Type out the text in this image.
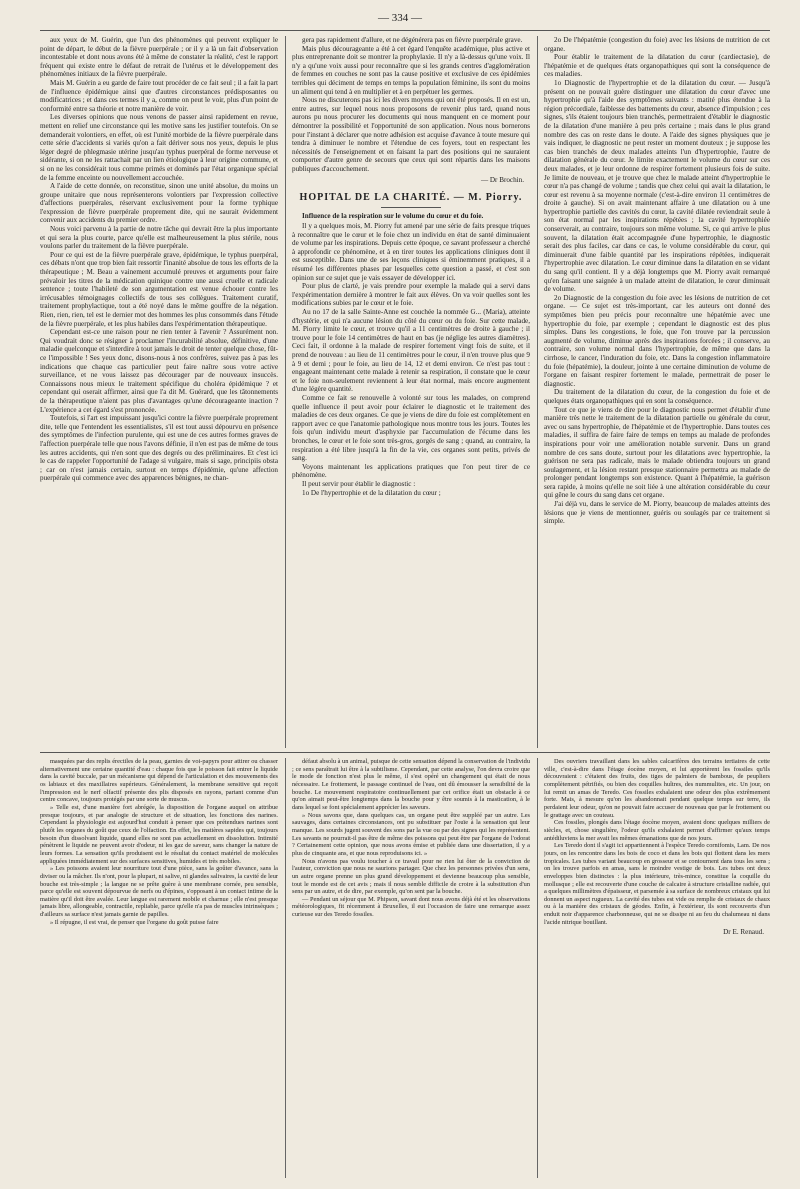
— 334 —

aux yeux de M. Guérin, que l'un des phénomènes qui peuvent expliquer le point de départ, le début de la fièvre puerpérale ; or il y a là un fait d'observation incontestable et dont nous avons été à même de constater la réalité, c'est le rapport fréquent qui existe entre le défaut de retrait de l'utérus et le développement des phénomènes initiaux de la fièvre puerpérale.

Mais M. Guérin a eu garde de faire tout procéder de ce fait seul ; il a fait la part de l'influence épidémique ainsi que d'autres circonstances prédisposantes ou modificatrices ; et dans ces termes il y a, comme on peut le voir, plus d'un point de conformité entre sa théorie et notre manière de voir.

Les diverses opinions que nous venons de passer ainsi rapidement en revue, mettent en relief une circonstance qui les motive sans les justifier toutefois. On se demanderait volontiers, en effet, où est l'unité morbide de la fièvre puerpérale dans cette série d'accidents si variés qu'on a fait dériver sous nos yeux, depuis le plus léger degré de phlegmasie utérine jusqu'au typhus puerpéral de forme nerveuse et sidérante, si on ne les rattachait par un lien étiologique à leur origine commune, et si on ne les considérait tous comme primés et dominés par l'état organique spécial de la femme enceinte ou nouvellement accouchée.

A l'aide de cette donnée, on reconstitue, sinon une unité absolue, du moins un groupe unitaire que nous représenterons volontiers par l'expression collective d'affections puerpérales, réservant exclusivement pour la forme typhique l'expression de fièvre puerpérale proprement dite, qui ne saurait évidemment convenir aux accidents du premier ordre.

Nous voici parvenu à la partie de notre tâche qui devrait être la plus importante et qui sera la plus courte, parce qu'elle est malheureusement la plus stérile, nous voulons parler du traitement de la fièvre puerpérale.

Pour ce qui est de la fièvre puerpérale grave, épidémique, le typhus puerpéral, ces débats n'ont que trop bien fait ressortir l'inanité absolue de tous les efforts de la thérapeutique ; M. Beau a vainement accumulé preuves et arguments pour faire prévaloir les titres de la médication quinique contre une aussi cruelle et radicale sentence ; toute l'habileté de son argumentation est venue échouer contre les irrécusables témoignages collectifs de tous ses collègues. Traitement curatif, traitement prophylactique, tout a été noyé dans le même gouffre de la négation. Rien, rien, rien, tel est le dernier mot des hommes les plus consommés dans l'étude de la fièvre puerpérale, et les plus habiles dans l'expérimentation thérapeutique.

Cependant est-ce une raison pour ne rien tenter à l'avenir ? Assurément non. Qui voudrait donc se résigner à proclamer l'incurabilité absolue, définitive, d'une maladie quelconque et s'interdire à tout jamais le droit de tenter quelque chose, fût-ce l'impossible ! Ses yeux donc, disons-nous à nos confrères, suivez pas à pas les indications que chaque cas particulier peut faire naître sous votre active surveillance, et ne vous laissez pas décourager par de nouveaux insuccès. Connaissons nous mieux le traitement spécifique du choléra épidémique ? et cependant qui oserait affirmer, ainsi que l'a dit M. Guérard, que les tâtonnements de la thérapeutique n'aient pas plus d'avantages qu'une décourageante inaction ? L'expérience a cet égard s'est prononcée.

Toutefois, si l'art est impuissant jusqu'ici contre la fièvre puerpérale proprement dite, telle que l'entendent les essentialistes, s'il est tout aussi dépourvu en présence des symptômes de l'infection purulente, qui est une de ces autres formes graves de l'affection puerpérale telle que nous l'avons définie, il n'en est pas de même de tous les autres accidents, qui n'en sont que des degrés ou des préliminaires. Et c'est ici le cas de rappeler l'opportunité de l'adage si vulgaire, mais si sage, principiis obsta ; car on n'est jamais certain, surtout en temps d'épidémie, qu'une affection puerpérale qui commence avec des apparences bénignes, ne chan-

gera pas rapidement d'allure, et ne dégénérera pas en fièvre puerpérale grave.

Mais plus décourageante a été à cet égard l'enquête académique, plus active et plus entreprenante doit se montrer la prophylaxie. Il n'y a là-dessus qu'une voix. Il n'y a qu'une voix aussi pour reconnaître que si les grands centres d'agglomération de femmes en couches ne sont pas la cause positive et exclusive de ces épidémies terribles qui déciment de temps en temps la population féminine, ils sont du moins un aliment qui tend à en multiplier et à en perpétuer les germes.

Nous ne discuterons pas ici les divers moyens qui ont été proposés. Il en est un, entre autres, sur lequel nous nous proposons de revenir plus tard, quand nous aurons pu nous procurer les documents qui nous manquent en ce moment pour démontrer la possibilité et l'opportunité de son application. Nous nous bornerons pour l'instant à déclarer que notre adhésion est acquise d'avance à toute mesure qui tendra à diminuer le nombre et l'étendue de ces foyers, tout en respectant les nécessités de l'enseignement et en faisant la part des positions qui ne sauraient comporter d'autre genre de secours que ceux qui sont répartis dans les maisons publiques d'accouchement.

— Dr Brochin.
HOPITAL DE LA CHARITÉ. — M. Piorry.
Influence de la respiration sur le volume du cœur et du foie.

Il y a quelques mois, M. Piorry fut amené par une série de faits presque triques à reconnaître que le cœur et le foie chez un individu en état de santé diminuaient de volume par les inspirations. Depuis cette époque, ce savant professeur a cherché à approfondir ce phénomène, et à en tirer toutes les applications cliniques dont il est susceptible. Dans une de ses leçons cliniques si éminemment pratiques, il a résumé les différentes phases par lesquelles cette question a passé, et c'est son opinion sur ce sujet que je vais essayer de développer ici.

Pour plus de clarté, je vais prendre pour exemple la malade qui a servi dans l'expérimentation dernière à montrer le fait aux élèves. On va voir quelles sont les modifications subies par le cœur et le foie.

Au no 17 de la salle Sainte-Anne est couchée la nommée G... (Maria), atteinte d'hystérie, et qui n'a aucune lésion du côté du cœur ou du foie. Sur cette malade, M. Piorry limite le cœur, et trouve qu'il a 11 centimètres de droite à gauche ; il trouve pour le foie 14 centimètres de haut en bas (je néglige les autres diamètres). Ceci fait, il ordonne à la malade de respirer fortement vingt fois de suite, et il prend de nouveau : au lieu de 11 centimètres pour le cœur, il n'en trouve plus que 9 à 9 et demi ; pour le foie, au lieu de 14, 12 et demi environ. Ce n'est pas tout : engageant maintenant cette malade à retenir sa respiration, il constate que le cœur et le foie non-seulement reviennent à leur état normal, mais encore augmentent d'une légère quantité.

Comme ce fait se renouvelle à volonté sur tous les malades, on comprend quelle influence il peut avoir pour éclairer le diagnostic et le traitement des maladies de ces deux organes. Ce que je viens de dire du foie est complètement en rapport avec ce que l'anatomie pathologique nous montre tous les jours. Toutes les fois qu'un individu meurt d'asphyxie par l'accumulation de l'écume dans les bronches, le cœur et le foie sont très-gros, gorgés de sang ; quand, au contraire, la respiration a été libre jusqu'à la fin de la vie, ces organes sont petits, privés de sang.

Voyons maintenant les applications pratiques que l'on peut tirer de ce phénomène.

Il peut servir pour établir le diagnostic :

1o De l'hypertrophie et de la dilatation du cœur ;

2o De l'hépatémie (congestion du foie) avec les lésions de nutrition de cet organe.

Pour établir le traitement de la dilatation du cœur (cardiectasie), de l'hépatémie et de quelques états organopathiques qui sont la conséquence de ces maladies.

1o Diagnostic de l'hypertrophie et de la dilatation du cœur. — Jusqu'à présent on ne pouvait guère distinguer une dilatation du cœur d'avec une hypertrophie qu'à l'aide des symptômes suivants : matité plus étendue à la région précordiale, faiblesse des battements du cœur, absence d'impulsion ; ces signes, s'ils étaient toujours bien tranchés, permettraient d'établir le diagnostic de la dilatation d'une manière à peu près certaine ; mais dans le plus grand nombre des cas on reste dans le doute. A l'aide des signes physiques que je vais indiquer, le diagnostic ne peut rester un moment douteux ; je suppose les cas bien tranchés de deux malades atteints l'un d'hypertrophie, l'autre de dilatation générale du cœur. Je limite exactement le volume du cœur sur ces deux malades, et je leur ordonne de respirer fortement plusieurs fois de suite. Je limite de nouveau, et je trouve que chez le malade atteint d'hypertrophie le cœur n'a pas changé de volume ; tandis que chez celui qui avait la dilatation, le cœur est revenu à sa moyenne normale (c'est-à-dire environ 11 centimètres de droite à gauche). Si on avait maintenant affaire à une dilatation ou à une hypertrophie partielle des cavités du cœur, la cavité dilatée reviendrait seule à son état normal par les inspirations répétées ; la cavité hypertrophiée conserverait, au contraire, toujours son même volume. Si, ce qui arrive le plus souvent, la dilatation était accompagnée d'une hypertrophie, le diagnostic serait des plus faciles, car dans ce cas, le volume considérable du cœur, qui diminuerait d'une faible quantité par les inspirations répétées, indiquerait l'hypertrophie avec dilatation. Le cœur diminue dans la dilatation en se vidant du sang qu'il contient. Il y a déjà longtemps que M. Piorry avait remarqué qu'en faisant une saignée à un malade atteint de dilatation, le cœur diminuait de volume.

2o Diagnostic de la congestion du foie avec les lésions de nutrition de cet organe. — Ce sujet est très-important, car les auteurs ont donné des symptômes bien peu précis pour reconnaître une hépatémie avec une hypertrophie du foie, par exemple ; cependant le diagnostic est des plus simples. Dans les congestions, le foie, que l'on trouve par la percussion augmenté de volume, diminue après des inspirations forcées ; il conserve, au contraire, son volume normal dans l'hypertrophie, de même que dans la cirrhose, le cancer, l'induration du foie, etc. Dans la congestion inflammatoire du foie (hépatémie), la douleur, jointe à une certaine diminution de volume de l'organe en faisant respirer fortement le malade, permettrait de poser le diagnostic.

Du traitement de la dilatation du cœur, de la congestion du foie et de quelques états organopathiques qui en sont la conséquence.

Tout ce que je viens de dire pour le diagnostic nous permet d'établir d'une manière très nette le traitement de la dilatation partielle ou générale du cœur, avec ou sans hypertrophie, de l'hépatémie et de l'hypertrophie. Dans toutes ces maladies, il suffira de faire faire de temps en temps au malade de profondes inspirations pour voir une amélioration notable survenir. Dans un grand nombre de ces sans doute, surtout pour les dilatations avec hypertrophie, la guérison ne sera pas radicale, mais le malade obtiendra toujours un grand soulagement, et la lésion restant presque stationnaire permettra au malade de prolonger pendant longtemps son existence. Quant à l'hépatémie, la guérison sera rapide, à moins qu'elle ne soit liée à une altération considérable du cœur qui gêne le cours du sang dans cet organe.

J'ai déjà vu, dans le service de M. Piorry, beaucoup de malades atteints des lésions que je viens de mentionner, guéris ou soulagés par ce traitement si simple.

masquées par des replis érectiles de la peau, garnies de voi-papyrs pour attirer ou chasser alternativement une certaine quantité d'eau : chaque fois que le poisson fait entrer le liquide dans la cavité buccale, par un mécanisme qui dépend de l'articulation et des mouvements des os labiaux et des maxillaires supérieurs. Généralement, la membrane sensitive qui reçoit l'impression est le nerf olfactif présente des plis disposés en rayons, partant comme d'un centre concave, toujours protégés par une sorte de muscus.

» Telle est, d'une manière fort abrégée, la disposition de l'organe auquel on attribue presque toujours, et par analogie de structure et de situation, les fonctions des narines. Cependant la physiologie est aujourd'hui conduit à penser que ces prétendues narines sont plutôt les organes du goût que ceux de l'olfaction. En effet, les matières sapides qui, toujours besoin d'un dissolvant liquide, quand elles ne sont pas actuellement en dissolution. Intimité pénètrent le liquide ne peuvent avoir d'odeur, ni les gaz de saveur, sans changer la nature de leurs formes. La sensation qu'ils produisent est le résultat du contact matériel de molécules appliquées immédiatement sur des surfaces sensitives, humides et très mobiles.

» Les poissons avaient leur nourriture tout d'une pièce, sans la goûter d'avance, sans la diviser ou la mâcher. Ils n'ont, pour la plupart, ni salive, ni glandes salivaires, la cavité de leur bouche est très-simple ; la langue ne se prête guère à une membrane cornée, peu sensible, parce qu'elle est souvent dépourvue de nerfs ou d'épines, s'opposant à un contact intime de la matière qu'il doit être avalée. Leur langue est rarement mobile et charnue ; elle n'est presque jamais libre, allongeable, contractile, repliable, parce qu'elle n'a pas de muscles intrinsèques ; d'ailleurs sa surface n'est jamais garnie de papilles.

» Il répugne, il est vrai, de penser que l'organe du goût puisse faire

défaut absolu à un animal, puisque de cette sensation dépend la conservation de l'individu ; ce sens paraîtrait lui être à la subtilisme. Cependant, par cette analyse, l'on devra croire que le mode de fonction n'est plus le même, il s'est opéré un changement qui était de nous nécessaire. Le frottement, le passage continuel de l'eau, ont dû émousser la sensibilité de la bouche. Le mouvement respiratoire continuellement par cet orifice était un obstacle à ce qu'on aimait peut-être longtemps dans la bouche pour y être soumis à la mastication, à le dans lequel se font spécialement apprécier les saveurs.

» Nous savons que, dans quelques cas, un organe peut être suppléé par un autre. Les sauvages, dans certaines circonstances, ont pu substituer par l'ouïe à la sensation qui leur manque. Les sourds jugent souvent des sons par la vue ou par des signes qui les représentent. Les savants ne pourrait-il pas être de même des poissons qui peut être par l'organe de l'odorat ? Certainement cette opinion, que nous avons émise et publiée dans une dissertation, il y a plus de cinquante ans, et que nous reproduisons ici. »

Nous n'avons pas voulu toucher à ce travail pour ne rien lui ôter de la conviction de l'auteur, conviction que nous ne saurions partager. Que chez les personnes privées d'un sens, un autre organe prenne un plus grand développement et devienne beaucoup plus sensible, tout le monde est de cet avis ; mais il nous semble difficile de croire à la substitution d'un sens par un autre, et de dire, par exemple, qu'on sent par la bouche.

— Pendant un séjour que M. Phipson, savant dont nous avons déjà été et les observations météorologiques, fit récemment à Bruxelles, il eut l'occasion de faire une remarque assez curieuse sur des Teredo fossiles.

Des ouvriers travaillant dans les sables calcarifères des terrains tertiaires de cette ville, c'est-à-dire dans l'étage éocène moyen, et lui apportèrent les fossiles qu'ils découvraient : c'étaient des fruits, des tiges de palmiers de bambous, de peupliers complètement pétrifiés, ou bien des coquilles huîtres, des nummulites, etc. Un jour, on lui remit un amas de Teredo. Ces fossiles exhalaient une odeur des plus extrêmement forte. Mais, à mesure qu'on les abandonnait pendant quelque temps sur terre, ils perdaient leur odeur, qu'on ne pouvait faire accuser de nouveau que par le frottement ou le grattage avec un couteau.

Ces fossiles, plongés dans l'étage éocène moyen, avaient donc quelques milliers de siècles, et, chose singulière, l'odeur qu'ils exhalaient permet d'affirmer qu'aux temps antédiluviens la mer avait les mêmes émanations que de nos jours.

Les Teredo dont il s'agit ici appartiennent à l'espèce Teredo cornifomis, Lam. De nos jours, on les rencontre dans les bois de coco et dans les bois qui flottent dans les mers tropicales. Les tubes variant beaucoup en grosseur et se contournent dans tous les sens ; on les trouve parfois en amas, sans le moindre vestige de bois. Les tubes ont deux enveloppes bien distinctes : la plus intérieure, très-mince, constitue la coquille du mollusque ; elle est recouverte d'une couche de calcaire à structure cristalline radiée, qui a quelques millimètres d'épaisseur, et parsemée à sa surface de nombreux cristaux qui lui donnent un aspect rugueux. La cavité des tubes est vide ou remplie de cristaux de chaux ou à la manière des cristaux de géodes. Enfin, à l'extérieur, ils sont recouverts d'un enduit noir d'apparence charbonneuse, qui ne se dissipe ni au feu du chalumeau ni dans l'acide nitrique bouillant.

Dr E. Renaud.
